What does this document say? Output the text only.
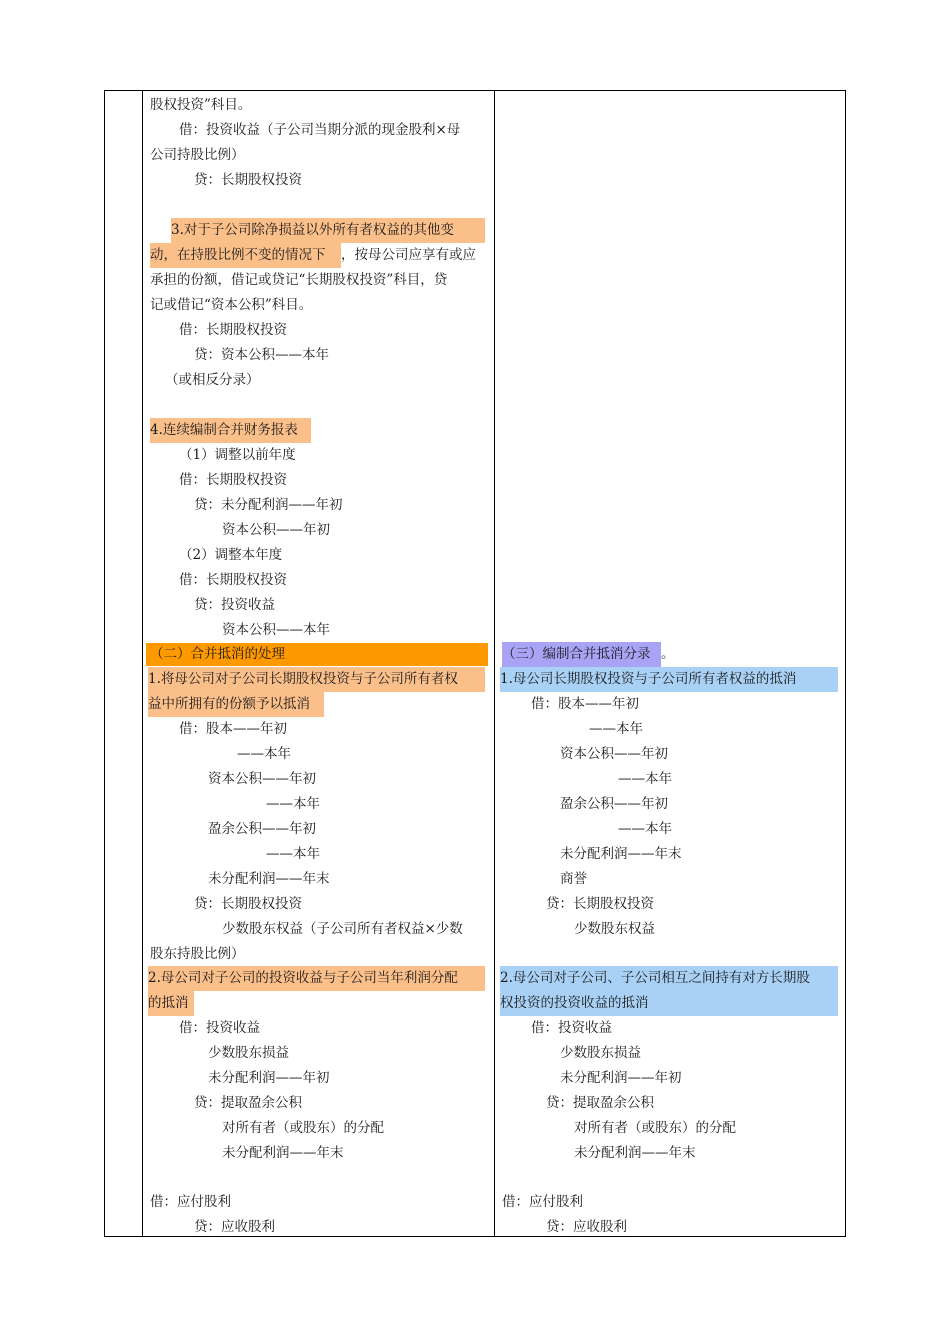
股权投资”科目。
借：投资收益（子公司当期分派的现金股利×母
公司持股比例）
贷：长期股权投资
3.对于子公司除净损益以外所有者权益的其他变
动，在持股比例不变的情况下	，按母公司应享有或应
承担的份额，借记或贷记“长期股权投资”科目，贷
记或借记“资本公积”科目。
借：长期股权投资
贷：资本公积——本年
（或相反分录）
4.连续编制合并财务报表
（1）调整以前年度
借：长期股权投资
贷：未分配利润——年初
资本公积——年初
（2）调整本年度
借：长期股权投资
贷：投资收益
资本公积——本年
（二）合并抵消的处理
1.将母公司对子公司长期股权投资与子公司所有者权
益中所拥有的份额予以抵消
借：股本——年初
——本年
资本公积——年初
——本年
盈余公积——年初
——本年
未分配利润——年末
贷：长期股权投资
少数股东权益（子公司所有者权益×少数
股东持股比例）
2.母公司对子公司的投资收益与子公司当年利润分配
的抵消
借：投资收益
少数股东损益
未分配利润——年初
贷：提取盈余公积
对所有者（或股东）的分配
未分配利润——年末
借：应付股利
贷：应收股利
（三）编制合并抵消分录 。
1.母公司长期股权投资与子公司所有者权益的抵消
借：股本——年初
——本年
资本公积——年初
——本年
盈余公积——年初
——本年
未分配利润——年末
商誉
贷：长期股权投资
少数股东权益
2.母公司对子公司、子公司相互之间持有对方长期股
权投资的投资收益的抵消
借：投资收益
少数股东损益
未分配利润——年初
贷：提取盈余公积
对所有者（或股东）的分配
未分配利润——年末
借：应付股利
贷：应收股利
